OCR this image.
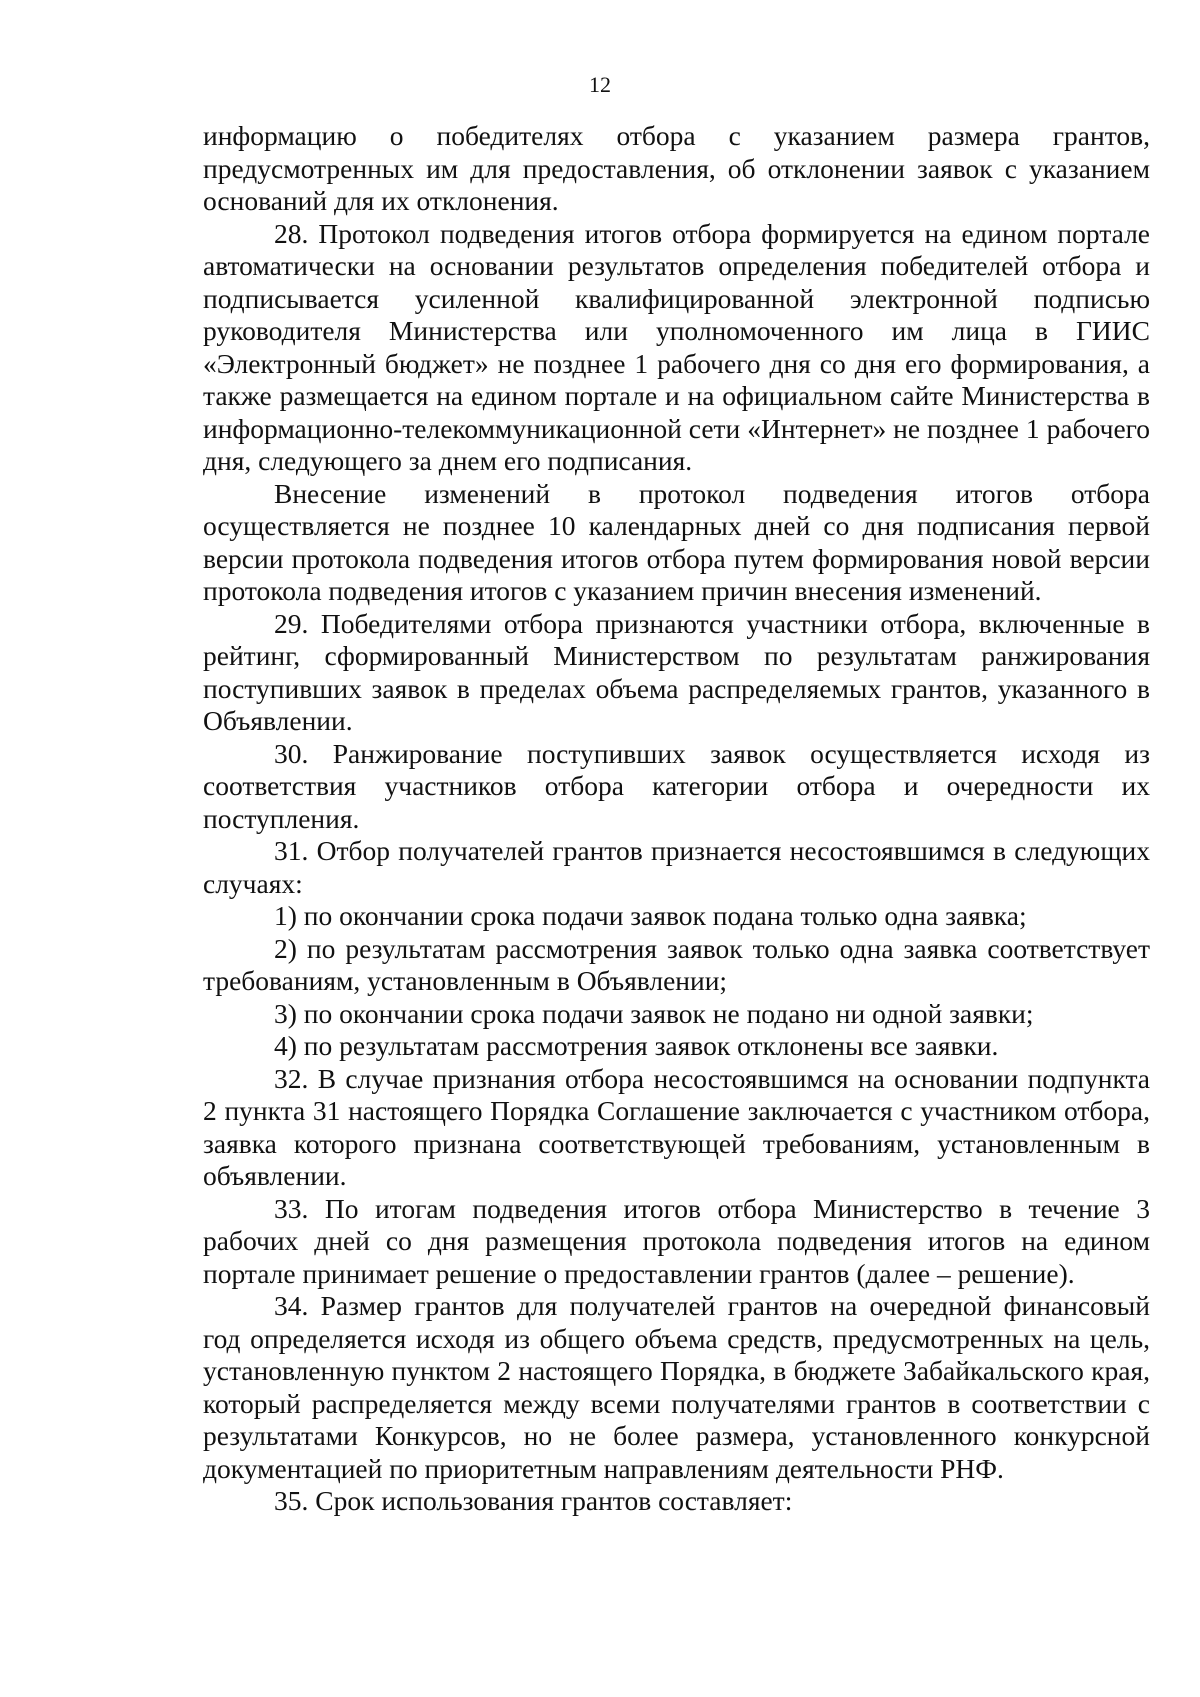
12

информацию о победителях отбора с указанием размера грантов, предусмотренных им для предоставления, об отклонении заявок с указанием оснований для их отклонения.

28. Протокол подведения итогов отбора формируется на едином портале автоматически на основании результатов определения победителей отбора и подписывается усиленной квалифицированной электронной подписью руководителя Министерства или уполномоченного им лица в ГИИС «Электронный бюджет» не позднее 1 рабочего дня со дня его формирования, а также размещается на едином портале и на официальном сайте Министерства в информационно-телекоммуникационной сети «Интернет» не позднее 1 рабочего дня, следующего за днем его подписания.

Внесение изменений в протокол подведения итогов отбора осуществляется не позднее 10 календарных дней со дня подписания первой версии протокола подведения итогов отбора путем формирования новой версии протокола подведения итогов с указанием причин внесения изменений.

29. Победителями отбора признаются участники отбора, включенные в рейтинг, сформированный Министерством по результатам ранжирования поступивших заявок в пределах объема распределяемых грантов, указанного в Объявлении.

30. Ранжирование поступивших заявок осуществляется исходя из соответствия участников отбора категории отбора и очередности их поступления.

31. Отбор получателей грантов признается несостоявшимся в следующих случаях:

1) по окончании срока подачи заявок подана только одна заявка;

2) по результатам рассмотрения заявок только одна заявка соответствует требованиям, установленным в Объявлении;

3) по окончании срока подачи заявок не подано ни одной заявки;

4) по результатам рассмотрения заявок отклонены все заявки.

32. В случае признания отбора несостоявшимся на основании подпункта 2 пункта 31 настоящего Порядка Соглашение заключается с участником отбора, заявка которого признана соответствующей требованиям, установленным в объявлении.

33. По итогам подведения итогов отбора Министерство в течение 3 рабочих дней со дня размещения протокола подведения итогов на едином портале принимает решение о предоставлении грантов (далее – решение).

34. Размер грантов для получателей грантов на очередной финансовый год определяется исходя из общего объема средств, предусмотренных на цель, установленную пунктом 2 настоящего Порядка, в бюджете Забайкальского края, который распределяется между всеми получателями грантов в соответствии с результатами Конкурсов, но не более размера, установленного конкурсной документацией по приоритетным направлениям деятельности РНФ.

35. Срок использования грантов составляет:
